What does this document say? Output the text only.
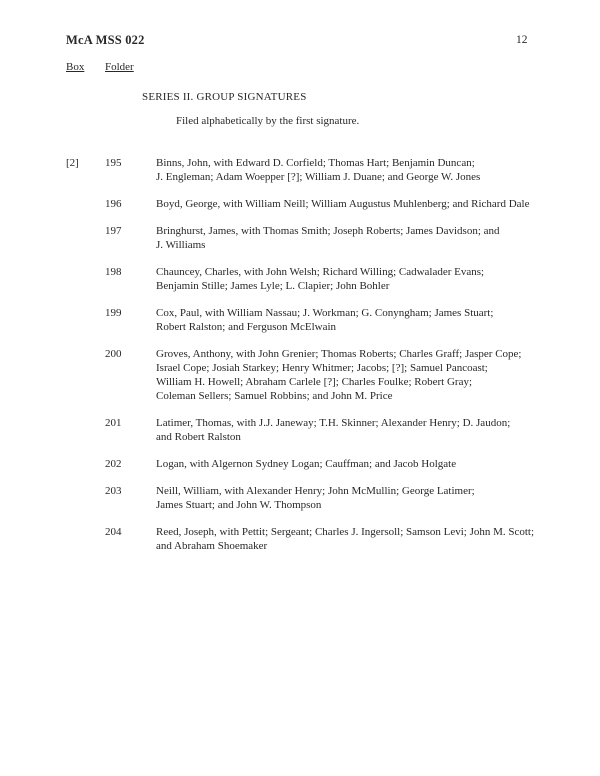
McA MSS 022	12
Box	Folder
SERIES II. GROUP SIGNATURES
Filed alphabetically by the first signature.
[2]	195	Binns, John, with Edward D. Corfield; Thomas Hart; Benjamin Duncan;
J. Engleman; Adam Woepper [?]; William J. Duane; and George W. Jones
196	Boyd, George, with William Neill; William Augustus Muhlenberg; and Richard Dale
197	Bringhurst, James, with Thomas Smith; Joseph Roberts; James Davidson; and
J. Williams
198	Chauncey, Charles, with John Welsh; Richard Willing; Cadwalader Evans;
Benjamin Stille; James Lyle; L. Clapier; John Bohler
199	Cox, Paul, with William Nassau; J. Workman; G. Conyngham; James Stuart;
Robert Ralston; and Ferguson McElwain
200	Groves, Anthony, with John Grenier; Thomas Roberts; Charles Graff; Jasper Cope;
Israel Cope; Josiah Starkey; Henry Whitmer; Jacobs; [?]; Samuel Pancoast;
William H. Howell; Abraham Carlele [?]; Charles Foulke; Robert Gray;
Coleman Sellers; Samuel Robbins; and John M. Price
201	Latimer, Thomas, with J.J. Janeway; T.H. Skinner; Alexander Henry; D. Jaudon;
and Robert Ralston
202	Logan, with Algernon Sydney Logan; Cauffman; and Jacob Holgate
203	Neill, William, with Alexander Henry; John McMullin; George Latimer;
James Stuart; and John W. Thompson
204	Reed, Joseph, with Pettit; Sergeant; Charles J. Ingersoll; Samson Levi; John M. Scott;
and Abraham Shoemaker
